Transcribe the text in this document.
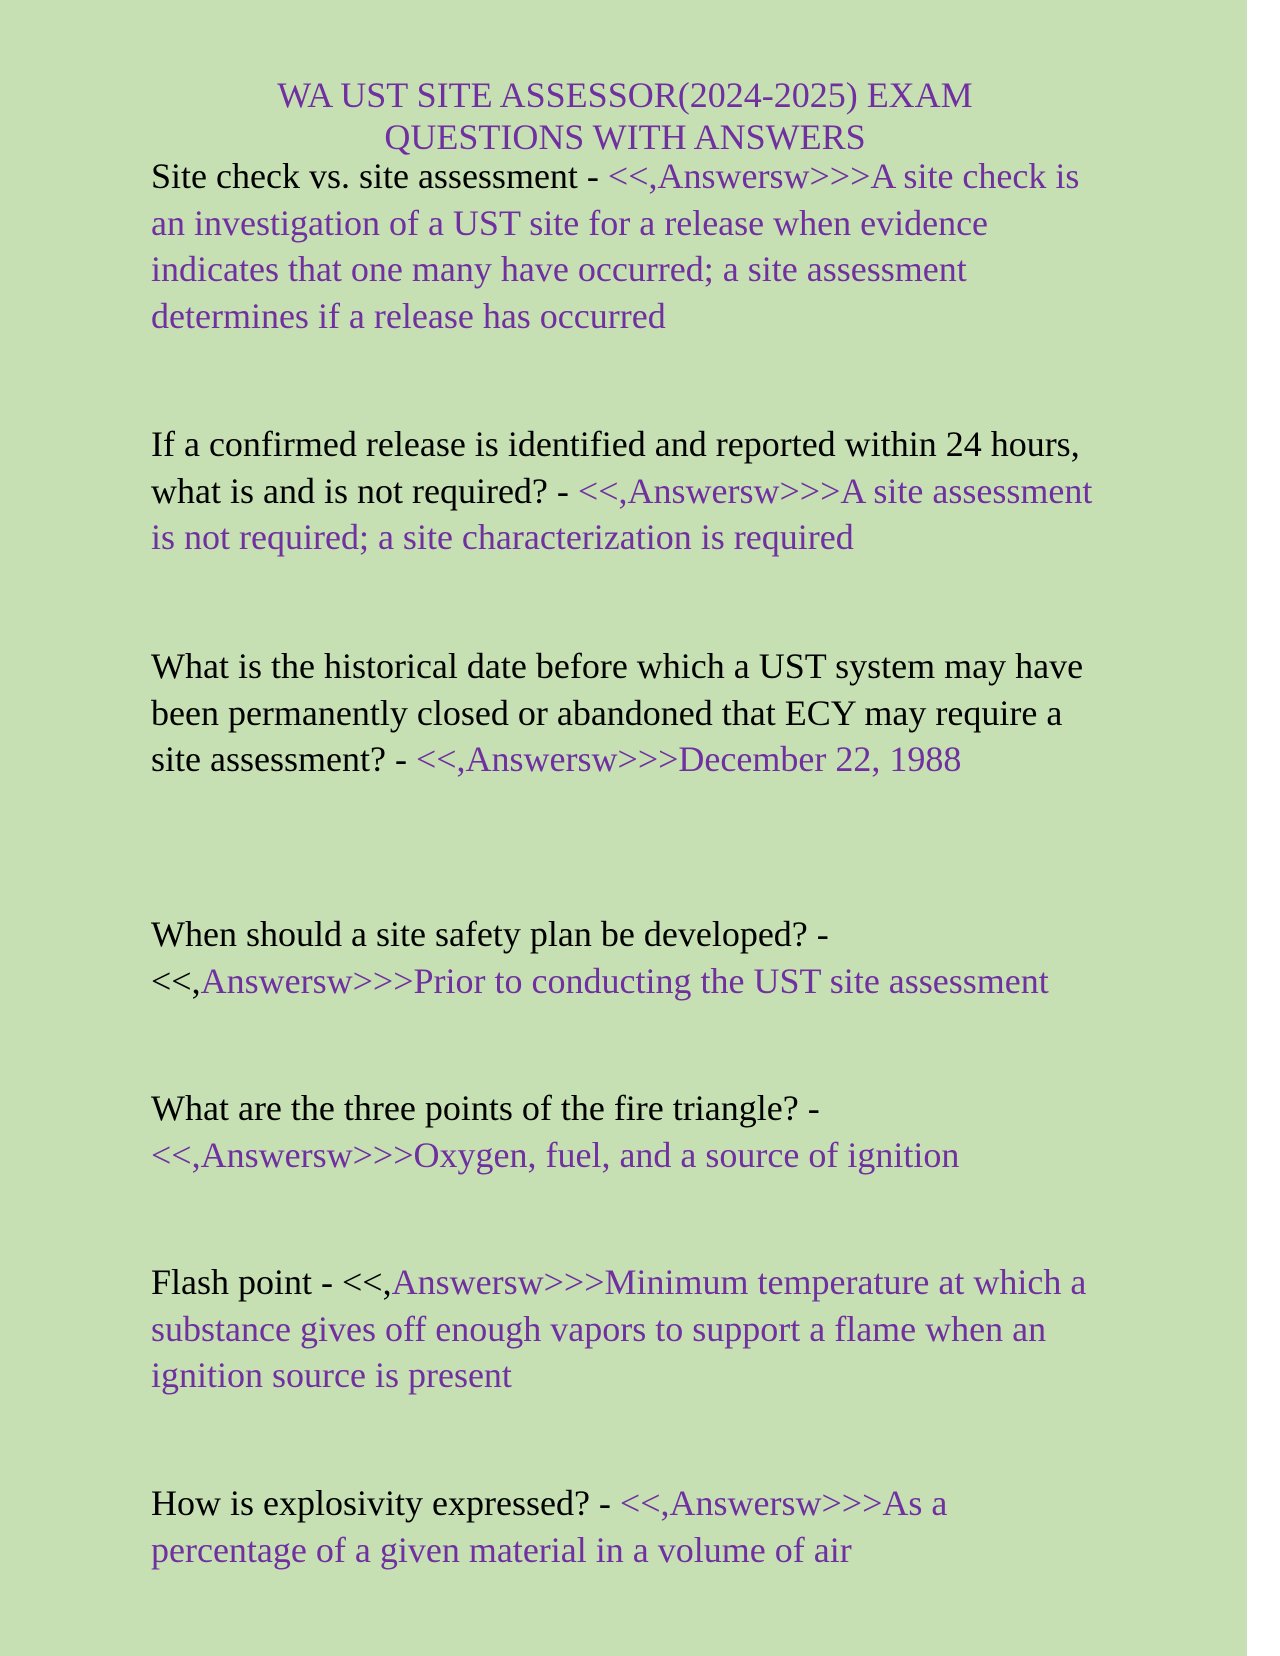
WA UST SITE ASSESSOR(2024-2025) EXAM
QUESTIONS WITH ANSWERS
Site check vs. site assessment - <<,Answersw>>>A site check is an investigation of a UST site for a release when evidence indicates that one many have occurred; a site assessment determines if a release has occurred
If a confirmed release is identified and reported within 24 hours, what is and is not required? - <<,Answersw>>>A site assessment is not required; a site characterization is required
What is the historical date before which a UST system may have been permanently closed or abandoned that ECY may require a site assessment? - <<,Answersw>>>December 22, 1988
When should a site safety plan be developed? - <<,Answersw>>>Prior to conducting the UST site assessment
What are the three points of the fire triangle? - <<,Answersw>>>Oxygen, fuel, and a source of ignition
Flash point - <<,Answersw>>>Minimum temperature at which a substance gives off enough vapors to support a flame when an ignition source is present
How is explosivity expressed? - <<,Answersw>>>As a percentage of a given material in a volume of air
